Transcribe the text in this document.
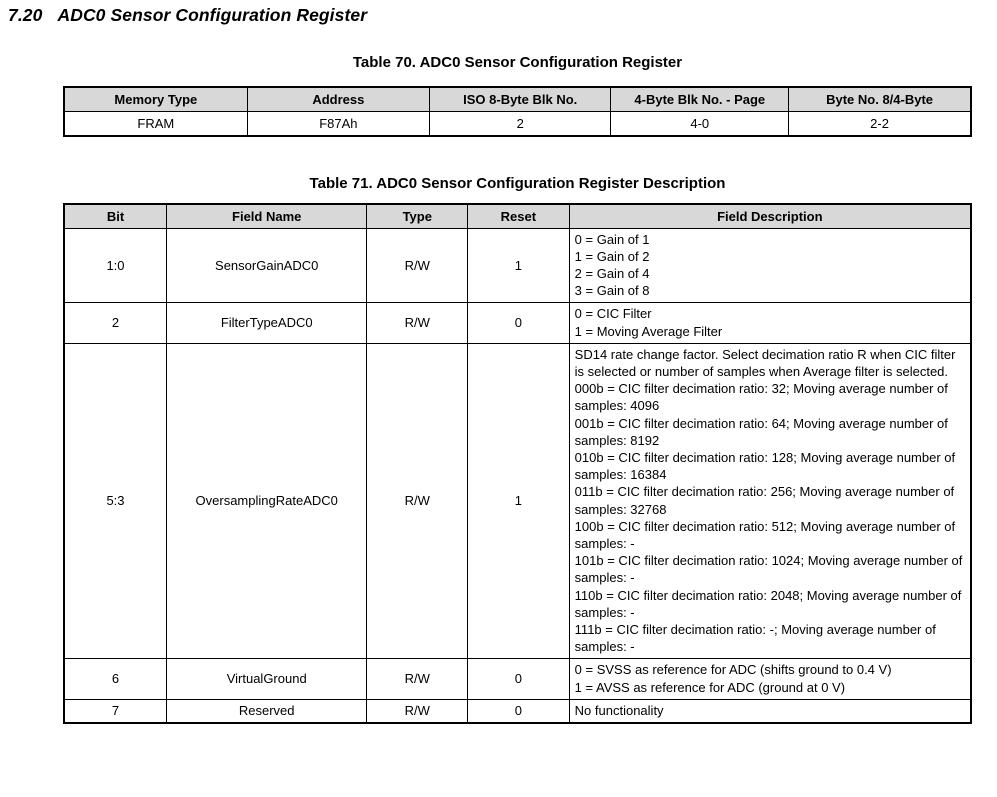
7.20 ADC0 Sensor Configuration Register
Table 70. ADC0 Sensor Configuration Register
Memory Type	Address	ISO 8-Byte Blk No.	4-Byte Blk No. - Page	Byte No. 8/4-Byte
FRAM	F87Ah	2	4-0	2-2
Table 71. ADC0 Sensor Configuration Register Description
Bit	Field Name	Type	Reset	Field Description
1:0	SensorGainADC0	R/W	1	0 = Gain of 1
1 = Gain of 2
2 = Gain of 4
3 = Gain of 8

2	FilterTypeADC0	R/W	0	0 = CIC Filter
1 = Moving Average Filter

5:3	OversamplingRateADC0	R/W	1	
SD14 rate change factor. Select decimation ratio R when CIC filter is selected or number of samples when Average filter is selected.
000b = CIC filter decimation ratio: 32; Moving average number of samples: 4096
001b = CIC filter decimation ratio: 64; Moving average number of samples: 8192
010b = CIC filter decimation ratio: 128; Moving average number of samples: 16384
011b = CIC filter decimation ratio: 256; Moving average number of samples: 32768
100b = CIC filter decimation ratio: 512; Moving average number of samples: -
101b = CIC filter decimation ratio: 1024; Moving average number of samples: -
110b = CIC filter decimation ratio: 2048; Moving average number of samples: -
111b = CIC filter decimation ratio: -; Moving average number of samples: -

6	VirtualGround	R/W	0	0 = SVSS as reference for ADC (shifts ground to 0.4 V)
1 = AVSS as reference for ADC (ground at 0 V)

7	Reserved	R/W	0	No functionality
